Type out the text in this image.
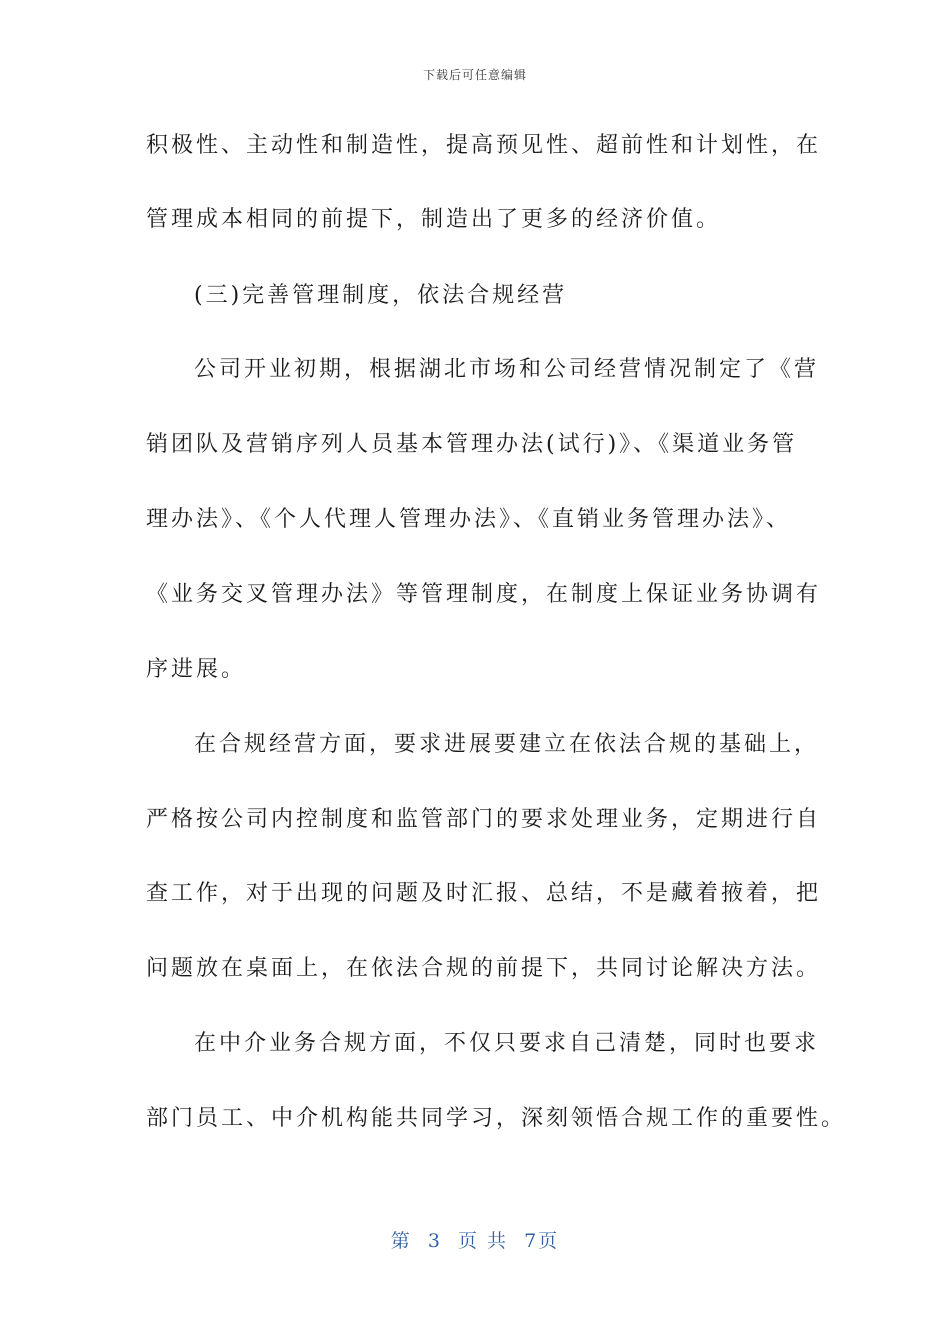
下载后可任意编辑
积极性、主动性和制造性，提高预见性、超前性和计划性，在
管理成本相同的前提下，制造出了更多的经济价值。
(三)完善管理制度，依法合规经营
公司开业初期，根据湖北市场和公司经营情况制定了《营
销团队及营销序列人员基本管理办法(试行)》、《渠道业务管
理办法》、《个人代理人管理办法》、《直销业务管理办法》、
《业务交叉管理办法》等管理制度，在制度上保证业务协调有
序进展。
在合规经营方面，要求进展要建立在依法合规的基础上，
严格按公司内控制度和监管部门的要求处理业务，定期进行自
查工作，对于出现的问题及时汇报、总结，不是藏着掖着，把
问题放在桌面上，在依法合规的前提下，共同讨论解决方法。
在中介业务合规方面，不仅只要求自己清楚，同时也要求
部门员工、中介机构能共同学习，深刻领悟合规工作的重要性。
第 3 页 共 7页
